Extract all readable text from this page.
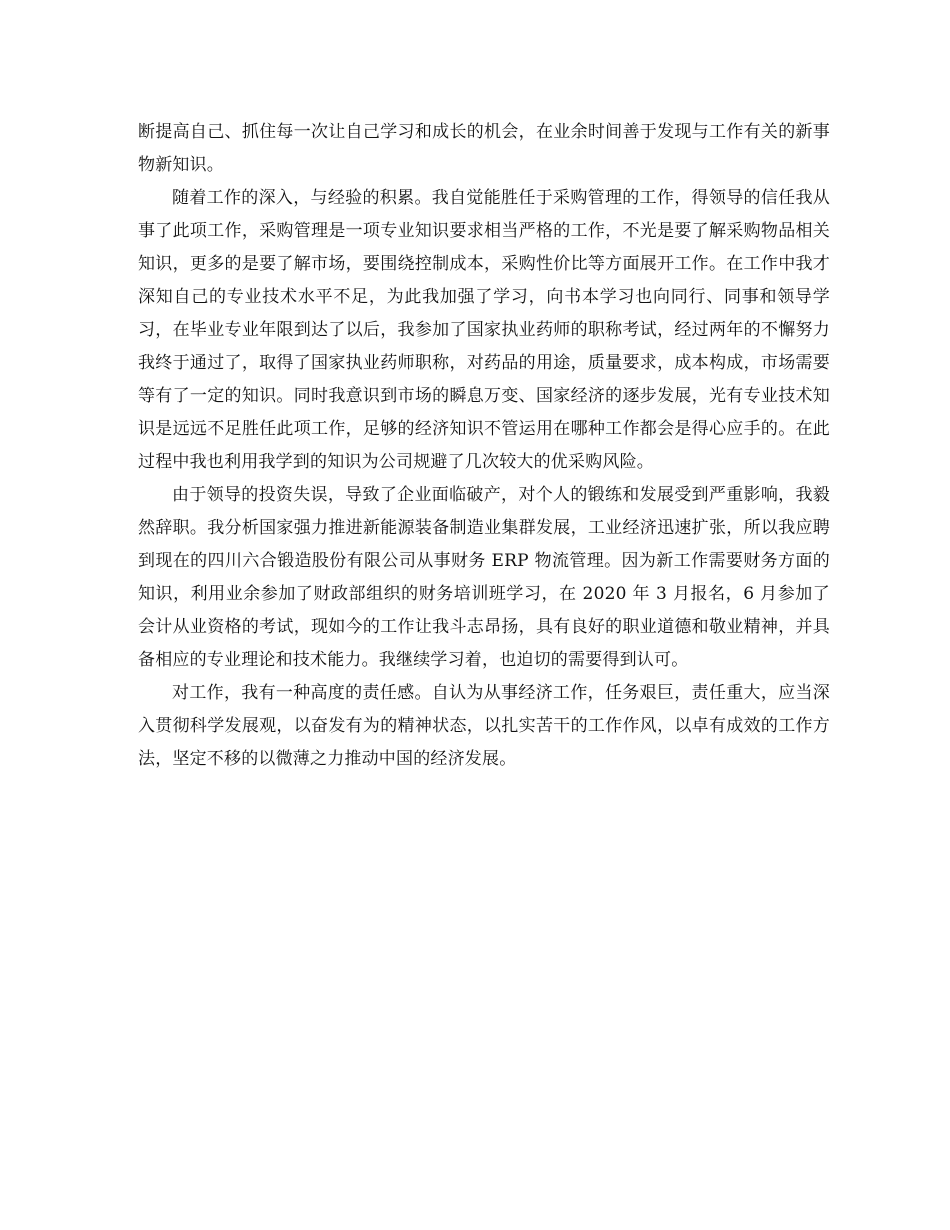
断提高自己、抓住每一次让自己学习和成长的机会，在业余时间善于发现与工作有关的新事物新知识。

随着工作的深入，与经验的积累。我自觉能胜任于采购管理的工作，得领导的信任我从事了此项工作，采购管理是一项专业知识要求相当严格的工作，不光是要了解采购物品相关知识，更多的是要了解市场，要围绕控制成本，采购性价比等方面展开工作。在工作中我才深知自己的专业技术水平不足，为此我加强了学习，向书本学习也向同行、同事和领导学习，在毕业专业年限到达了以后，我参加了国家执业药师的职称考试，经过两年的不懈努力我终于通过了，取得了国家执业药师职称，对药品的用途，质量要求，成本构成，市场需要等有了一定的知识。同时我意识到市场的瞬息万变、国家经济的逐步发展，光有专业技术知识是远远不足胜任此项工作，足够的经济知识不管运用在哪种工作都会是得心应手的。在此过程中我也利用我学到的知识为公司规避了几次较大的优采购风险。

由于领导的投资失误，导致了企业面临破产，对个人的锻练和发展受到严重影响，我毅然辞职。我分析国家强力推进新能源装备制造业集群发展，工业经济迅速扩张，所以我应聘到现在的四川六合锻造股份有限公司从事财务 ERP 物流管理。因为新工作需要财务方面的知识，利用业余参加了财政部组织的财务培训班学习，在 2020 年 3 月报名，6 月参加了会计从业资格的考试，现如今的工作让我斗志昂扬，具有良好的职业道德和敬业精神，并具备相应的专业理论和技术能力。我继续学习着，也迫切的需要得到认可。

对工作，我有一种高度的责任感。自认为从事经济工作，任务艰巨，责任重大，应当深入贯彻科学发展观，以奋发有为的精神状态，以扎实苦干的工作作风，以卓有成效的工作方法，坚定不移的以微薄之力推动中国的经济发展。
